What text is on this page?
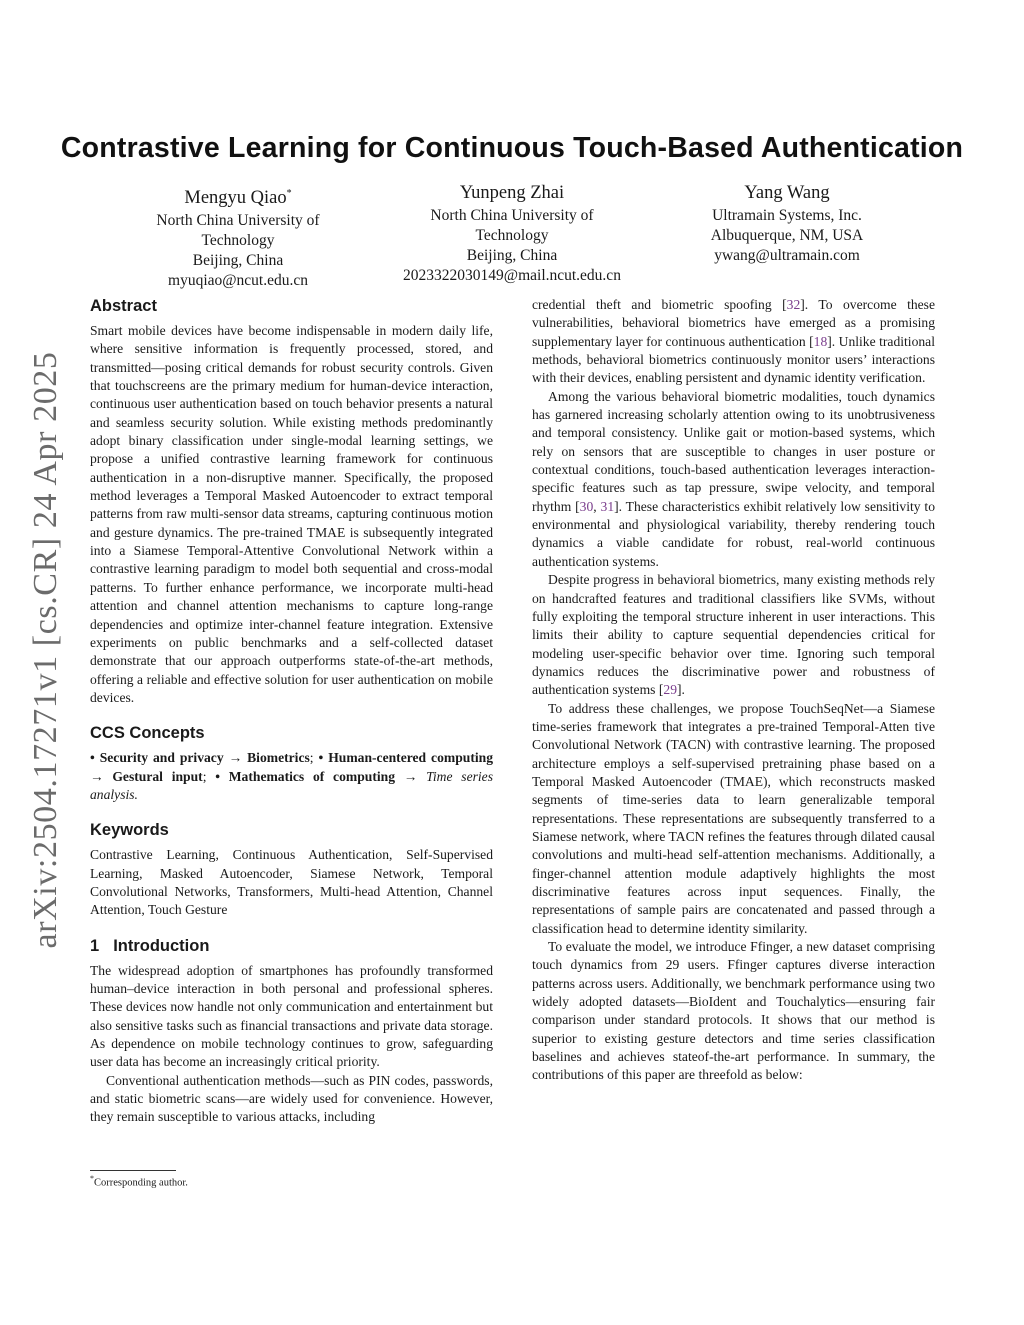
arXiv:2504.17271v1 [cs.CR] 24 Apr 2025
Contrastive Learning for Continuous Touch-Based Authentication
Mengyu Qiao*
North China University of
Technology
Beijing, China
myuqiao@ncut.edu.cn
Yunpeng Zhai
North China University of
Technology
Beijing, China
2023322030149@mail.ncut.edu.cn
Yang Wang
Ultramain Systems, Inc.
Albuquerque, NM, USA
ywang@ultramain.com
Abstract

Smart mobile devices have become indispensable in modern daily life, where sensitive information is frequently processed, stored, and transmitted—posing critical demands for robust security controls. Given that touchscreens are the primary medium for human-device interaction, continuous user authentication based on touch behavior presents a natural and seamless security solution. While existing methods predominantly adopt binary classification under single-modal learning settings, we propose a unified contrastive learning framework for continuous authentication in a non-disruptive manner. Specifically, the proposed method leverages a Temporal Masked Autoencoder to extract temporal patterns from raw multi-sensor data streams, capturing continuous motion and gesture dynamics. The pre-trained TMAE is subsequently integrated into a Siamese Temporal-Attentive Convolutional Network within a contrastive learning paradigm to model both sequential and cross-modal patterns. To further enhance performance, we incorporate multi-head attention and channel attention mechanisms to capture long-range dependencies and optimize inter-channel feature integration. Extensive experiments on public benchmarks and a self-collected dataset demonstrate that our approach outperforms state-of-the-art methods, offering a reliable and effective solution for user authentication on mobile devices.

CCS Concepts

• Security and privacy → Biometrics; • Human-centered computing → Gestural input; • Mathematics of computing → Time series analysis.

Keywords

Contrastive Learning, Continuous Authentication, Self-Supervised Learning, Masked Autoencoder, Siamese Network, Temporal Convolutional Networks, Transformers, Multi-head Attention, Channel Attention, Touch Gesture

1 Introduction

The widespread adoption of smartphones has profoundly transformed human–device interaction in both personal and professional spheres. These devices now handle not only communication and entertainment but also sensitive tasks such as financial transactions and private data storage. As dependence on mobile technology continues to grow, safeguarding user data has become an increasingly critical priority.

Conventional authentication methods—such as PIN codes, passwords, and static biometric scans—are widely used for convenience. However, they remain susceptible to various attacks, including

credential theft and biometric spoofing [32]. To overcome these vulnerabilities, behavioral biometrics have emerged as a promising supplementary layer for continuous authentication [18]. Unlike traditional methods, behavioral biometrics continuously monitor users’ interactions with their devices, enabling persistent and dynamic identity verification.

Among the various behavioral biometric modalities, touch dynamics has garnered increasing scholarly attention owing to its unobtrusiveness and temporal consistency. Unlike gait or motion-based systems, which rely on sensors that are susceptible to changes in user posture or contextual conditions, touch-based authentication leverages interaction-specific features such as tap pressure, swipe velocity, and temporal rhythm [30, 31]. These characteristics exhibit relatively low sensitivity to environmental and physiological variability, thereby rendering touch dynamics a viable candidate for robust, real-world continuous authentication systems.

Despite progress in behavioral biometrics, many existing methods rely on handcrafted features and traditional classifiers like SVMs, without fully exploiting the temporal structure inherent in user interactions. This limits their ability to capture sequential dependencies critical for modeling user-specific behavior over time. Ignoring such temporal dynamics reduces the discriminative power and robustness of authentication systems [29].

To address these challenges, we propose TouchSeqNet—a Siamese time-series framework that integrates a pre-trained Temporal-Atten tive Convolutional Network (TACN) with contrastive learning. The proposed architecture employs a self-supervised pretraining phase based on a Temporal Masked Autoencoder (TMAE), which reconstructs masked segments of time-series data to learn generalizable temporal representations. These representations are subsequently transferred to a Siamese network, where TACN refines the features through dilated causal convolutions and multi-head self-attention mechanisms. Additionally, a finger-channel attention module adaptively highlights the most discriminative features across input sequences. Finally, the representations of sample pairs are concatenated and passed through a classification head to determine identity similarity.

To evaluate the model, we introduce Ffinger, a new dataset comprising touch dynamics from 29 users. Ffinger captures diverse interaction patterns across users. Additionally, we benchmark performance using two widely adopted datasets—BioIdent and Touchalytics—ensuring fair comparison under standard protocols. It shows that our method is superior to existing gesture detectors and time series classification baselines and achieves stateof-the-art performance. In summary, the contributions of this paper are threefold as below:

*Corresponding author.
